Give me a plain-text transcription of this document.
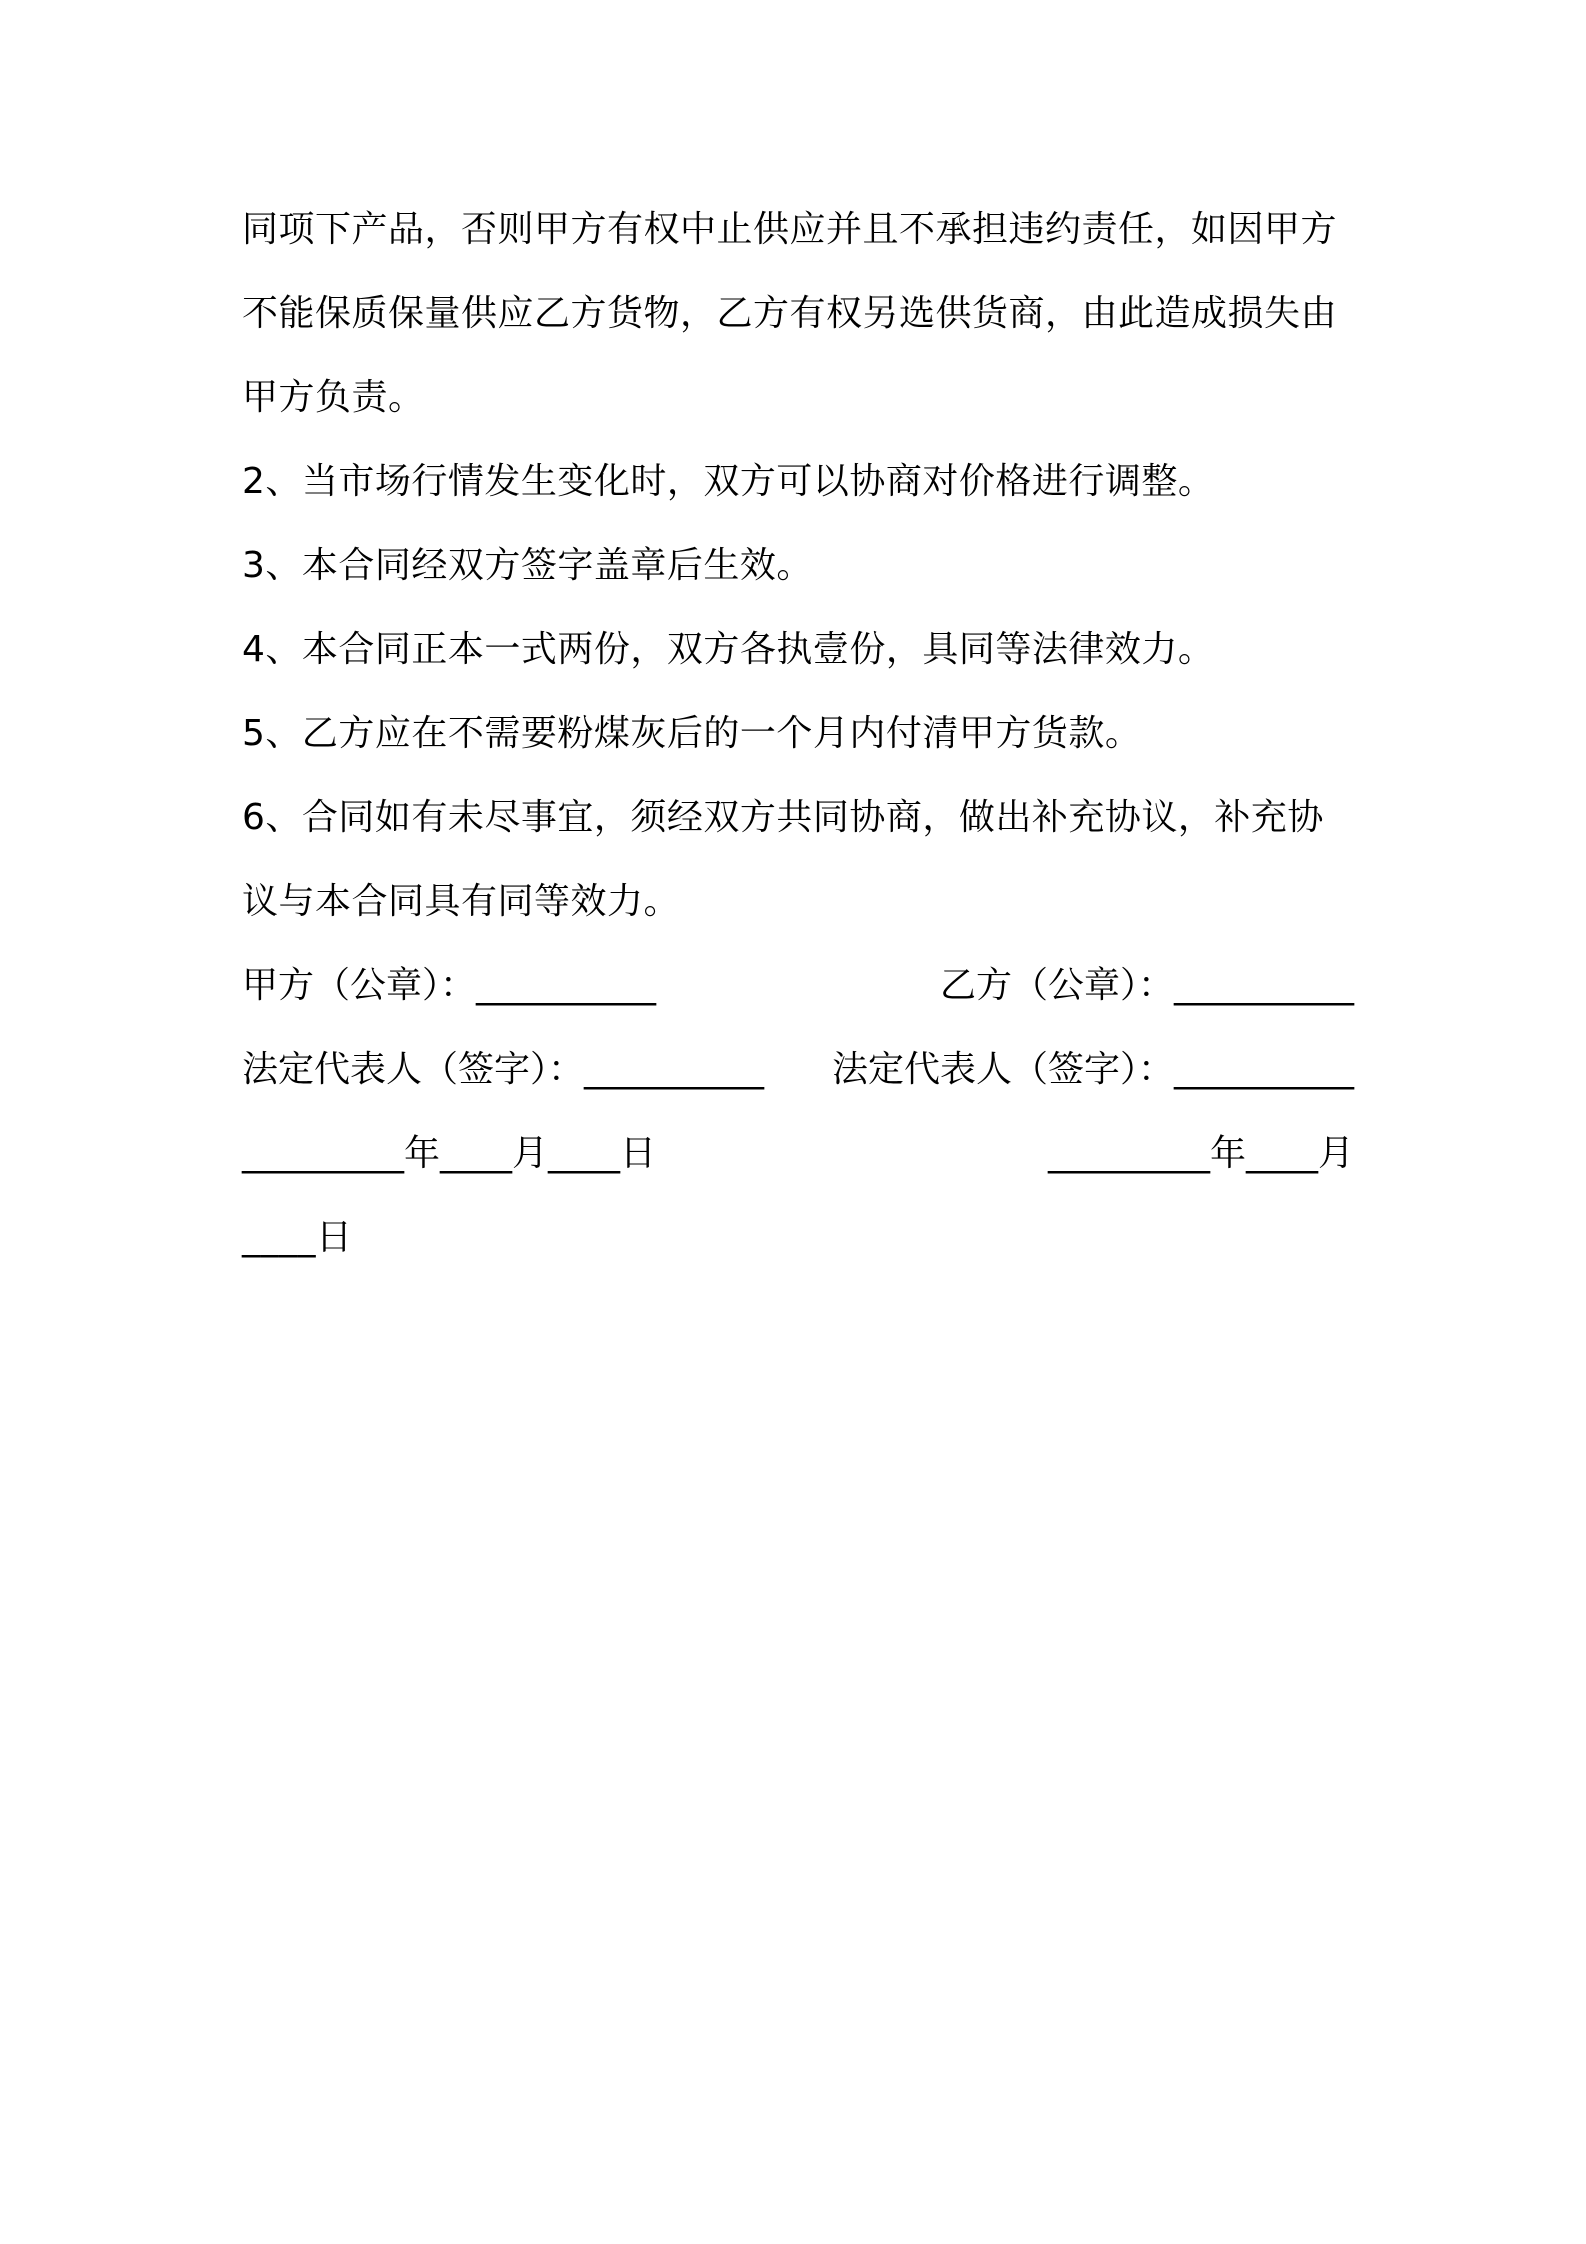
同项下产品，否则甲方有权中止供应并且不承担违约责任，如因甲方
不能保质保量供应乙方货物，乙方有权另选供货商，由此造成损失由
甲方负责。
2、当市场行情发生变化时，双方可以协商对价格进行调整。
3、本合同经双方签字盖章后生效。
4、本合同正本一式两份，双方各执壹份，具同等法律效力。
5、乙方应在不需要粉煤灰后的一个月内付清甲方货款。
6、合同如有未尽事宜，须经双方共同协商，做出补充协议，补充协
议与本合同具有同等效力。
甲方（公章）：__________	乙方（公章）：__________
法定代表人（签字）：__________ 法定代表人（签字）：__________
_________年____月____日	_________年____月
____日
